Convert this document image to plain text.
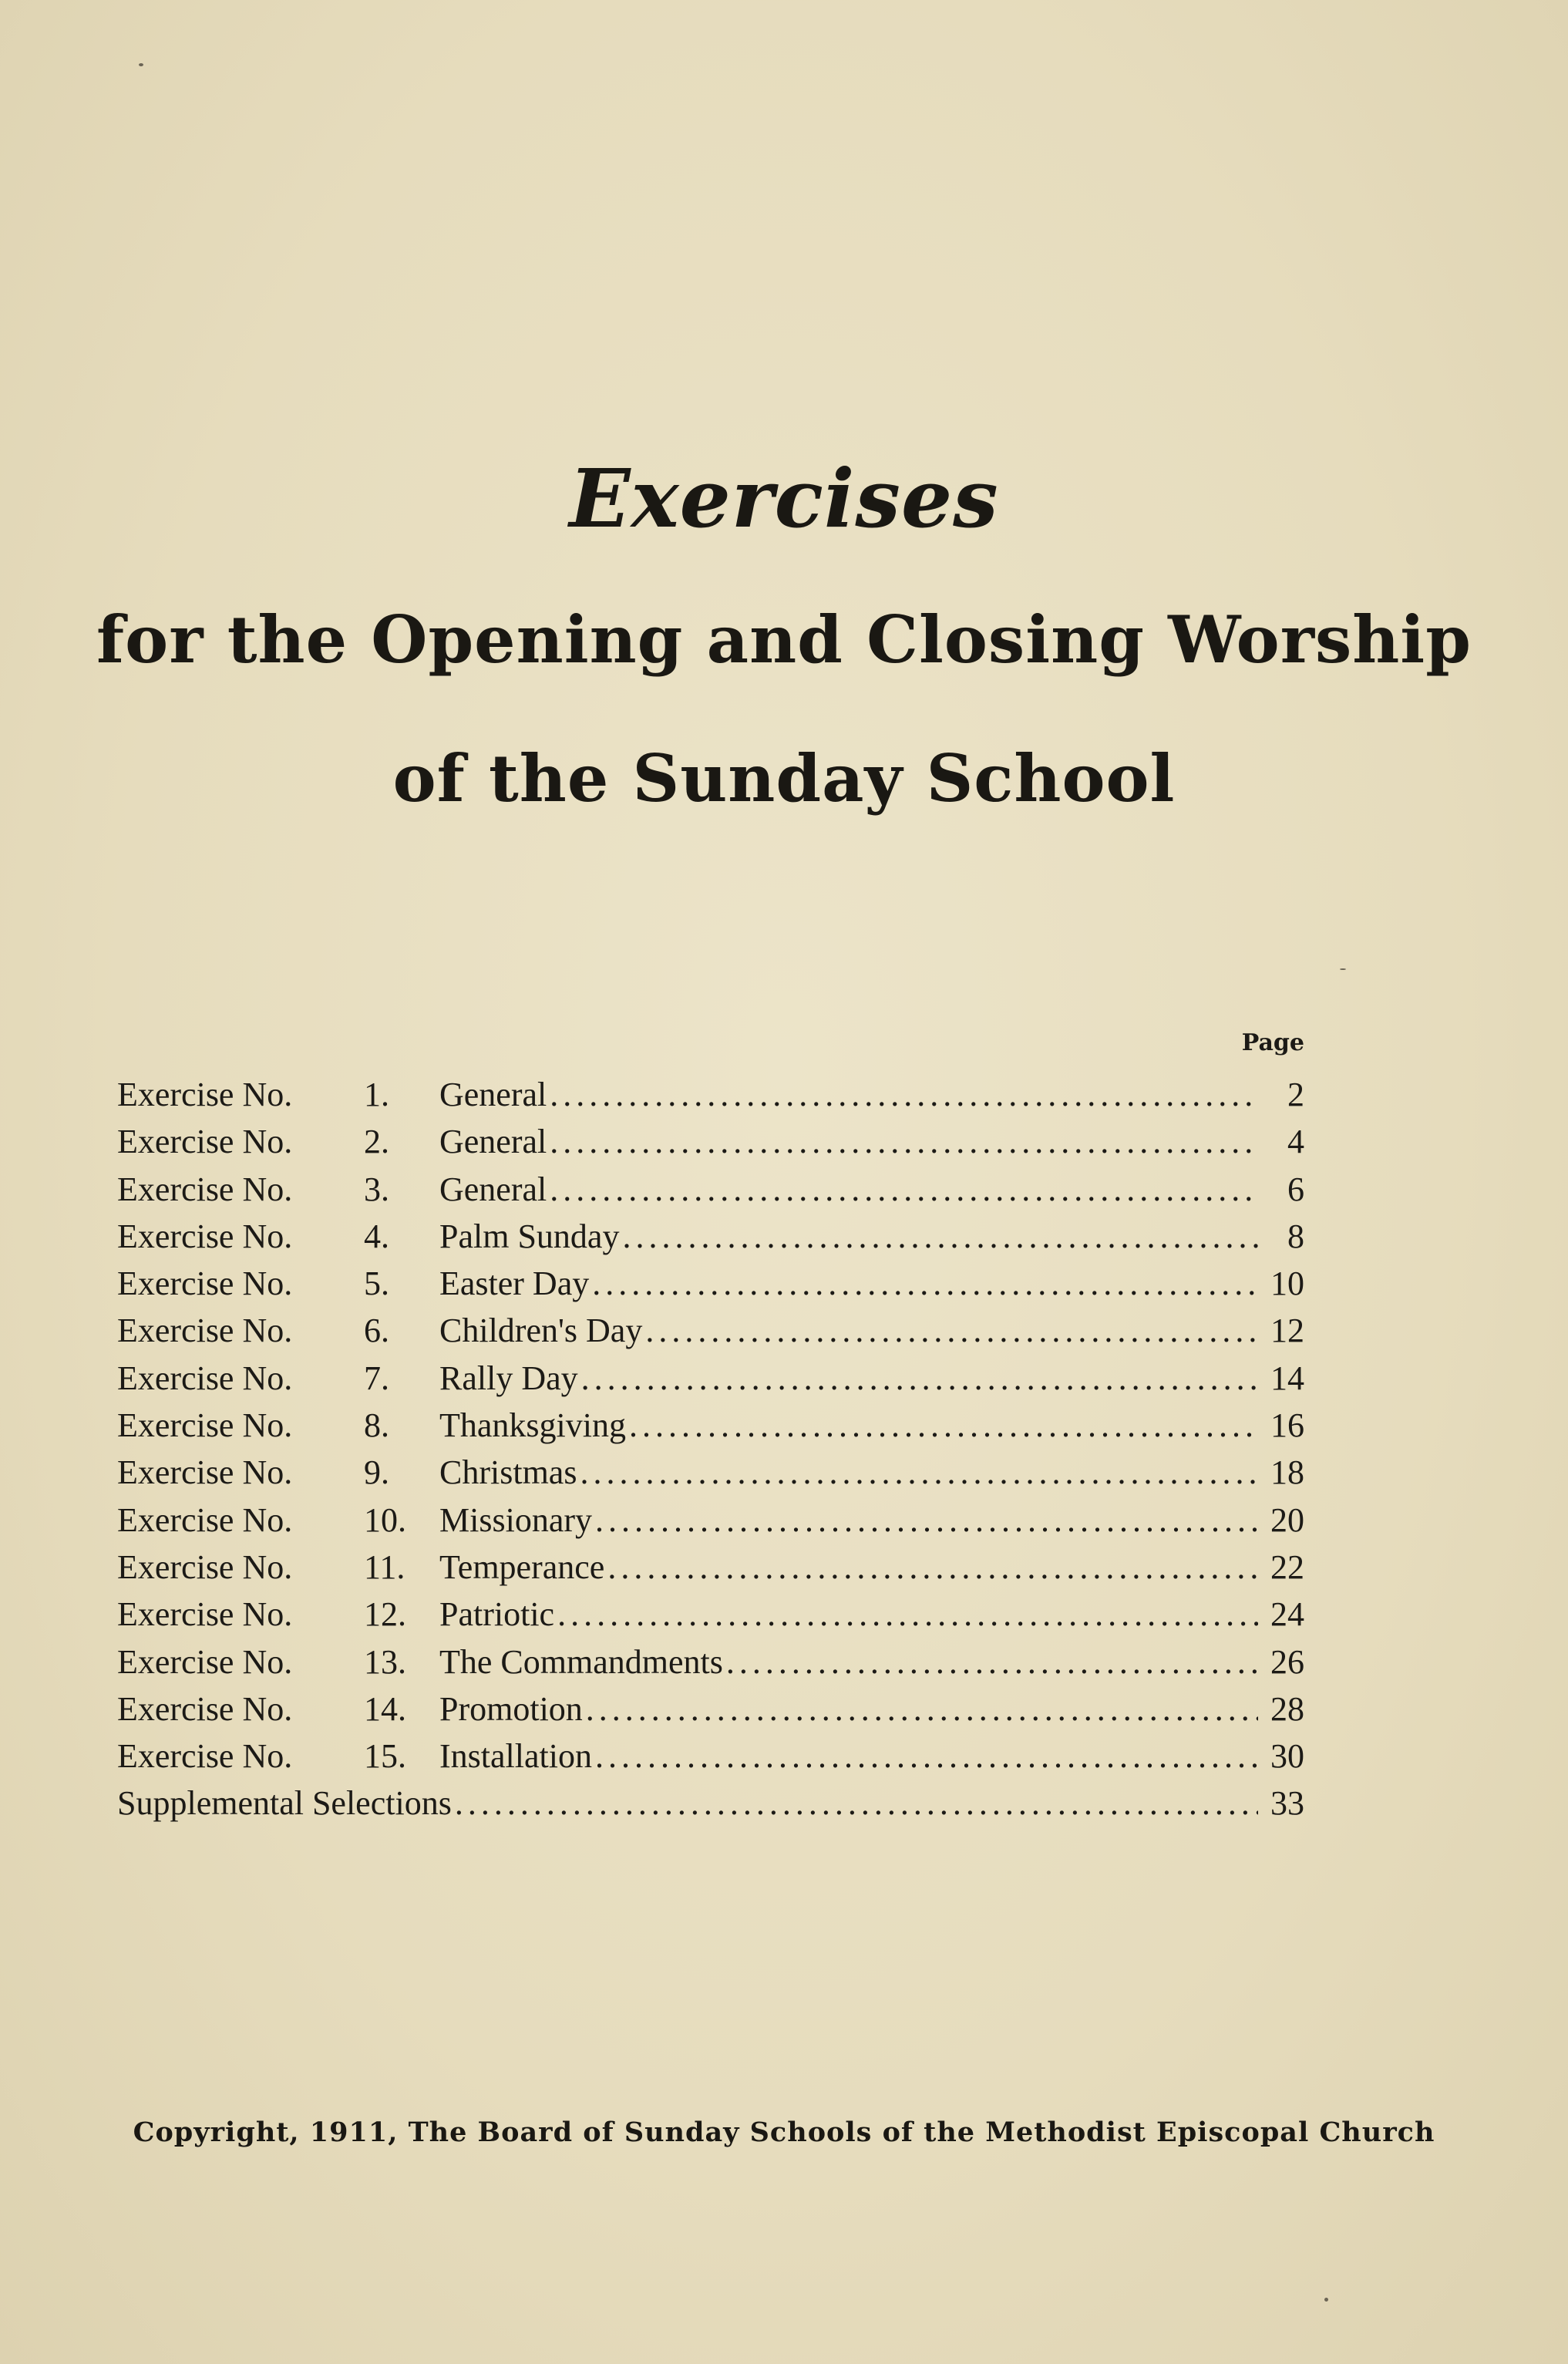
Exercises
for the Opening and Closing Worship
of the Sunday School
Page
Exercise No.	1.	General .....	2
Exercise No.	2.	General .....	4
Exercise No.	3.	General .....	6
Exercise No.	4.	Palm Sunday .....	8
Exercise No.	5.	Easter Day .....	10
Exercise No.	6.	Children's Day .....	12
Exercise No.	7.	Rally Day .....	14
Exercise No.	8.	Thanksgiving .....	16
Exercise No.	9.	Christmas .....	18
Exercise No.	10. Missionary .....	20
Exercise No.	11.	Temperance .....	22
Exercise No.	12. Patriotic .....	24
Exercise No.	13. The Commandments .....	26
Exercise No.	14. Promotion .....	28
Exercise No.	15. Installation .....	30
Supplemental Selections .....	33
Copyright, 1911, The Board of Sunday Schools of the Methodist Episcopal Church
